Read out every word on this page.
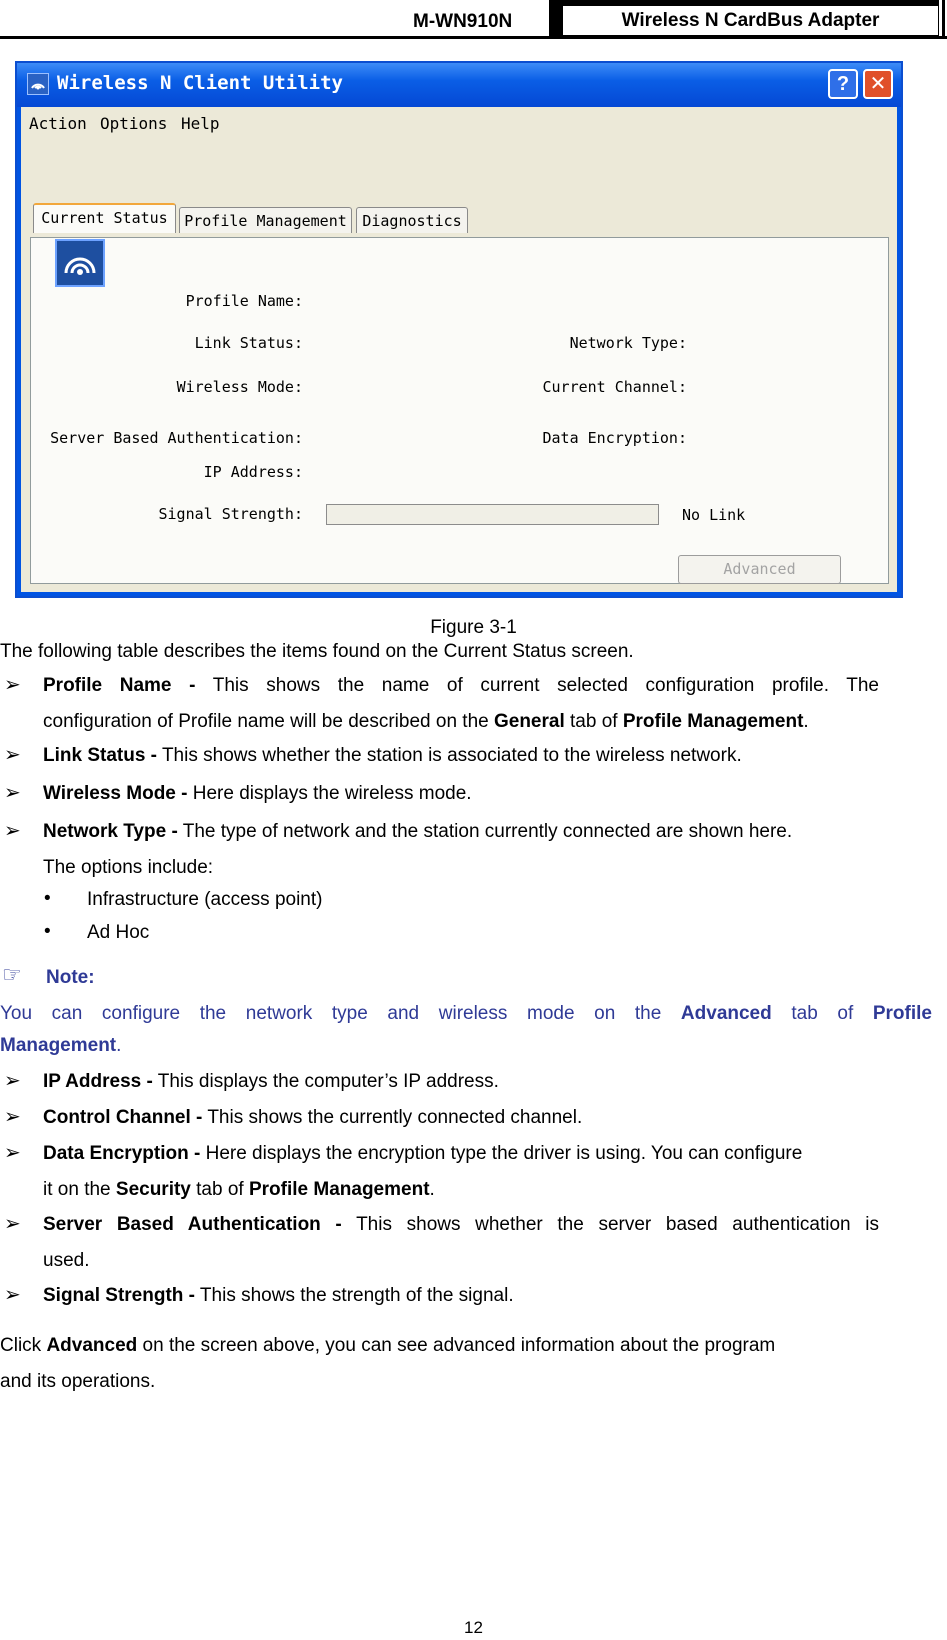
M-WN910N	Wireless N CardBus Adapter
Wireless N Client Utility	?	✕
Action Options Help
Current Status	Profile Management	Diagnostics
Profile Name:
Link Status:	Network Type:
Wireless Mode:	Current Channel:
Server Based Authentication:	Data Encryption:
IP Address:
Signal Strength:	No Link
Advanced
Figure 3-1
The following table describes the items found on the Current Status screen.
➢ Profile Name - This shows the name of current selected configuration profile. The
configuration of Profile name will be described on the General tab of Profile Management.
➢ Link Status - This shows whether the station is associated to the wireless network.
➢ Wireless Mode - Here displays the wireless mode.
➢ Network Type - The type of network and the station currently connected are shown here.
The options include:
• Infrastructure (access point)
• Ad Hoc
☞ Note:
You can configure the network type and wireless mode on the Advanced tab of Profile
Management.
➢ IP Address - This displays the computer’s IP address.
➢ Control Channel - This shows the currently connected channel.
➢ Data Encryption - Here displays the encryption type the driver is using. You can configure
it on the Security tab of Profile Management.
➢ Server Based Authentication - This shows whether the server based authentication is
used.
➢ Signal Strength - This shows the strength of the signal.
Click Advanced on the screen above, you can see advanced information about the program
and its operations.
12
